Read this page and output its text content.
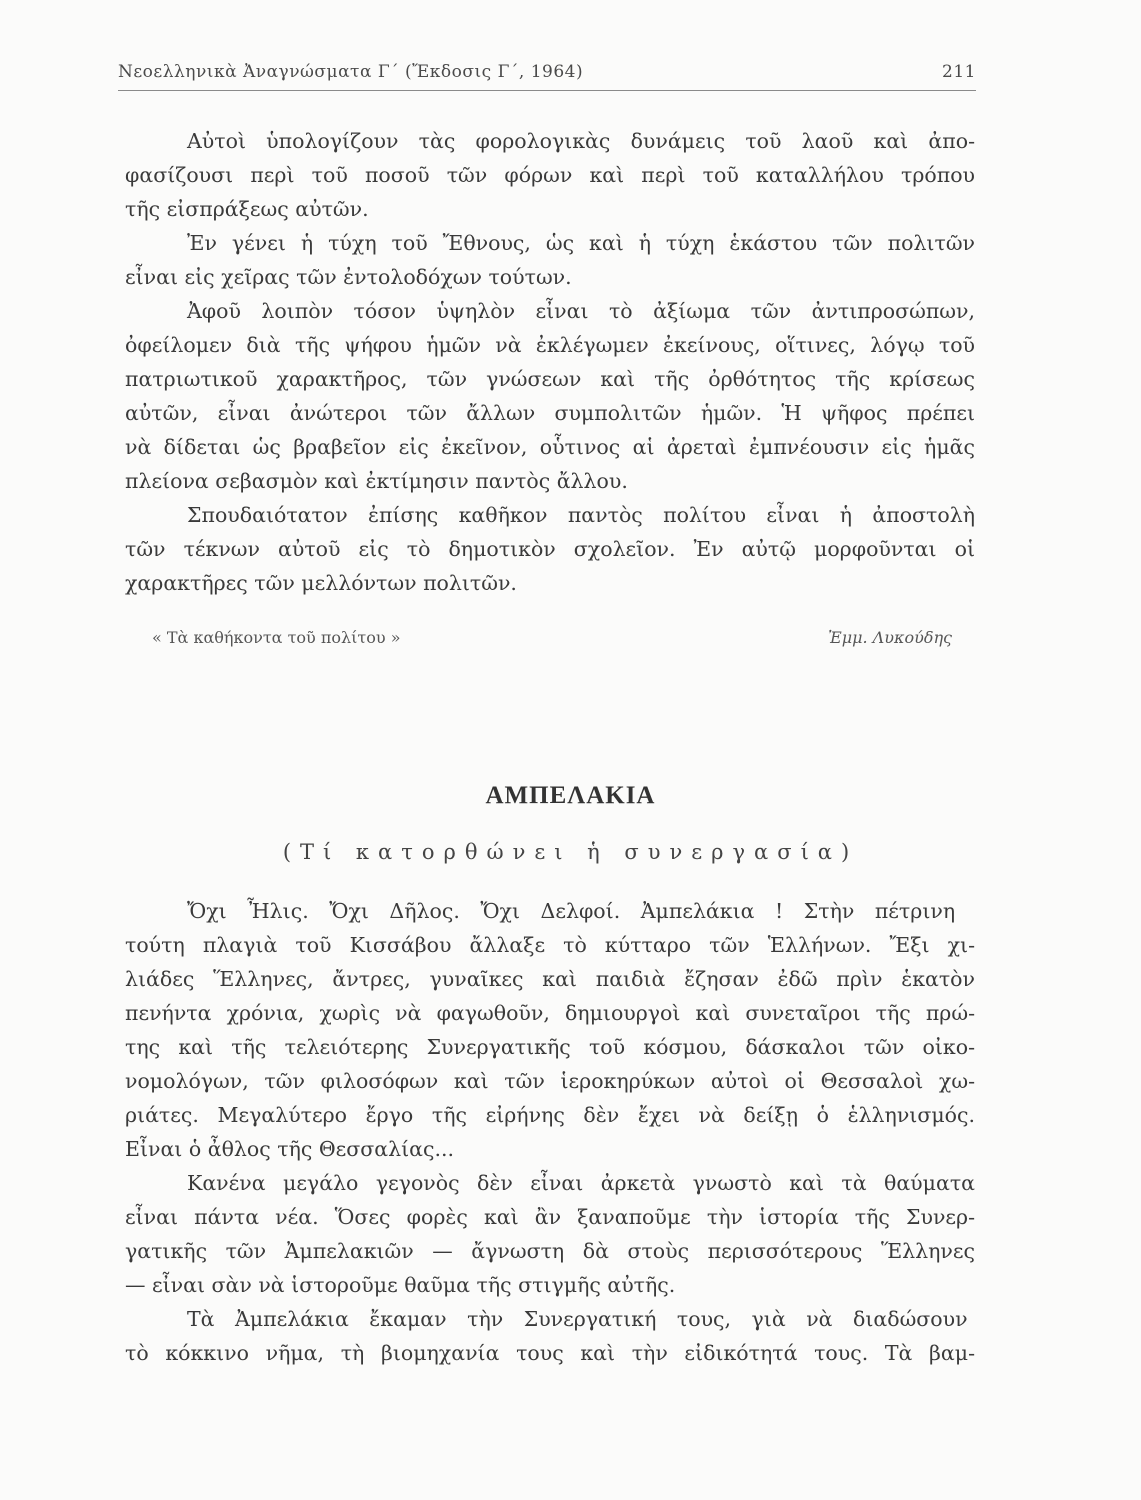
Νεοελληνικὰ Ἀναγνώσματα Γ΄ (Ἔκδοσις Γ΄, 1964)	211

Αὐτοὶ ὑπολογίζουν τὰς φορολογικὰς δυνάμεις τοῦ λαοῦ καὶ ἀπο-
φασίζουσι περὶ τοῦ ποσοῦ τῶν φόρων καὶ περὶ τοῦ καταλλήλου τρόπου
τῆς εἰσπράξεως αὐτῶν.

Ἐν γένει ἡ τύχη τοῦ Ἔθνους, ὡς καὶ ἡ τύχη ἑκάστου τῶν πολιτῶν
εἶναι εἰς χεῖρας τῶν ἐντολοδόχων τούτων.

Ἀφοῦ λοιπὸν τόσον ὑψηλὸν εἶναι τὸ ἀξίωμα τῶν ἀντιπροσώπων,
ὀφείλομεν διὰ τῆς ψήφου ἡμῶν νὰ ἐκλέγωμεν ἐκείνους, οἵτινες, λόγῳ τοῦ
πατριωτικοῦ χαρακτῆρος, τῶν γνώσεων καὶ τῆς ὀρθότητος τῆς κρίσεως
αὐτῶν, εἶναι ἀνώτεροι τῶν ἄλλων συμπολιτῶν ἡμῶν. Ἡ ψῆφος πρέπει
νὰ δίδεται ὡς βραβεῖον εἰς ἐκεῖνον, οὗτινος αἱ ἀρεταὶ ἐμπνέουσιν εἰς ἡμᾶς
πλείονα σεβασμὸν καὶ ἐκτίμησιν παντὸς ἄλλου.

Σπουδαιότατον ἐπίσης καθῆκον παντὸς πολίτου εἶναι ἡ ἀποστολὴ
τῶν τέκνων αὐτοῦ εἰς τὸ δημοτικὸν σχολεῖον. Ἐν αὐτῷ μορφοῦνται οἱ
χαρακτῆρες τῶν μελλόντων πολιτῶν.

« Τὰ καθήκοντα τοῦ πολίτου »	Ἐμμ. Λυκούδης
ΑΜΠΕΛΑΚΙΑ
(Τί κατορθώνει ἡ συνεργασία)

Ὄχι Ἦλις. Ὄχι Δῆλος. Ὄχι Δελφοί. Ἀμπελάκια ! Στὴν πέτρινη
τούτη πλαγιὰ τοῦ Κισσάβου ἄλλαξε τὸ κύτταρο τῶν Ἑλλήνων. Ἔξι χι-
λιάδες Ἕλληνες, ἄντρες, γυναῖκες καὶ παιδιὰ ἔζησαν ἐδῶ πρὶν ἑκατὸν
πενήντα χρόνια, χωρὶς νὰ φαγωθοῦν, δημιουργοὶ καὶ συνεταῖροι τῆς πρώ-
της καὶ τῆς τελειότερης Συνεργατικῆς τοῦ κόσμου, δάσκαλοι τῶν οἰκο-
νομολόγων, τῶν φιλοσόφων καὶ τῶν ἱεροκηρύκων αὐτοὶ οἱ Θεσσαλοὶ χω-
ριάτες. Μεγαλύτερο ἔργο τῆς εἰρήνης δὲν ἔχει νὰ δείξῃ ὁ ἑλληνισμός.
Εἶναι ὁ ἆθλος τῆς Θεσσαλίας...

Κανένα μεγάλο γεγονὸς δὲν εἶναι ἀρκετὰ γνωστὸ καὶ τὰ θαύματα
εἶναι πάντα νέα. Ὅσες φορὲς καὶ ἂν ξαναποῦμε τὴν ἱστορία τῆς Συνερ-
γατικῆς τῶν Ἀμπελακιῶν — ἄγνωστη δὰ στοὺς περισσότερους Ἕλληνες
— εἶναι σὰν νὰ ἱστοροῦμε θαῦμα τῆς στιγμῆς αὐτῆς.

Τὰ Ἀμπελάκια ἔκαμαν τὴν Συνεργατική τους, γιὰ νὰ διαδώσουν
τὸ κόκκινο νῆμα, τὴ βιομηχανία τους καὶ τὴν εἰδικότητά τους. Τὰ βαμ-
